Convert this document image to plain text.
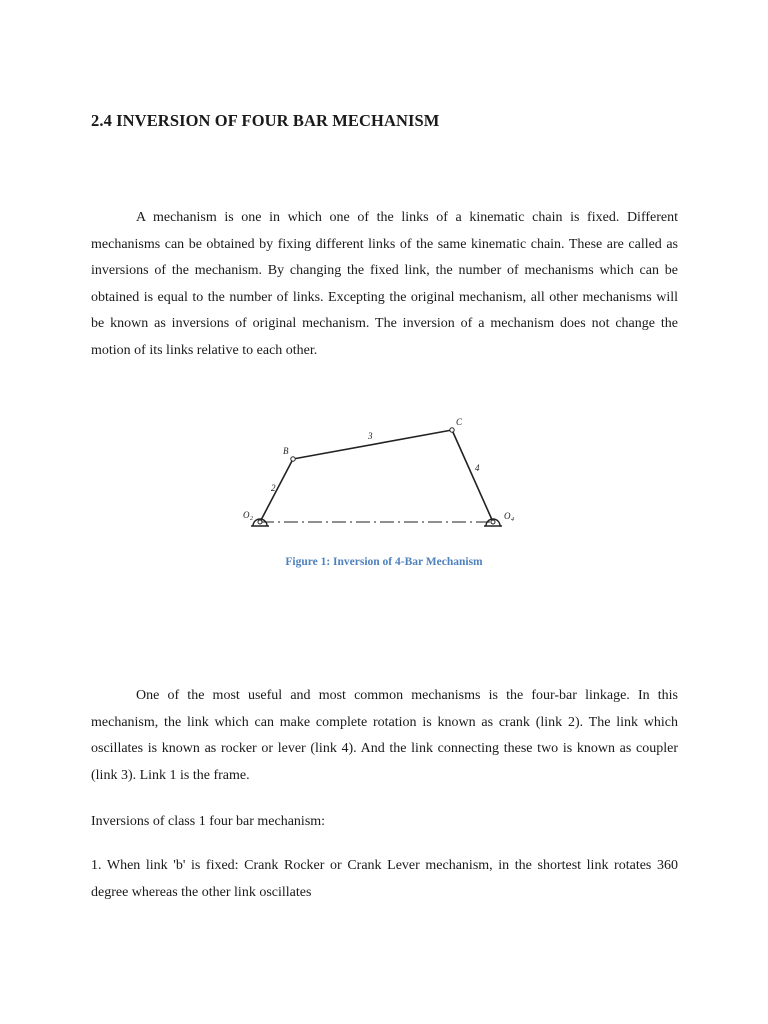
2.4 INVERSION OF FOUR BAR MECHANISM

A mechanism is one in which one of the links of a kinematic chain is fixed. Different mechanisms can be obtained by fixing different links of the same kinematic chain. These are called as inversions of the mechanism. By changing the fixed link, the number of mechanisms which can be obtained is equal to the number of links. Excepting the original mechanism, all other mechanisms will be known as inversions of original mechanism. The inversion of a mechanism does not change the motion of its links relative to each other.

B
C
2
3
4
O 2	O 4

Figure 1: Inversion of 4-Bar Mechanism

One of the most useful and most common mechanisms is the four-bar linkage. In this mechanism, the link which can make complete rotation is known as crank (link 2). The link which oscillates is known as rocker or lever (link 4). And the link connecting these two is known as coupler (link 3). Link 1 is the frame.

Inversions of class 1 four bar mechanism:

1. When link 'b' is fixed: Crank Rocker or Crank Lever mechanism, in the shortest link rotates 360 degree whereas the other link oscillates
